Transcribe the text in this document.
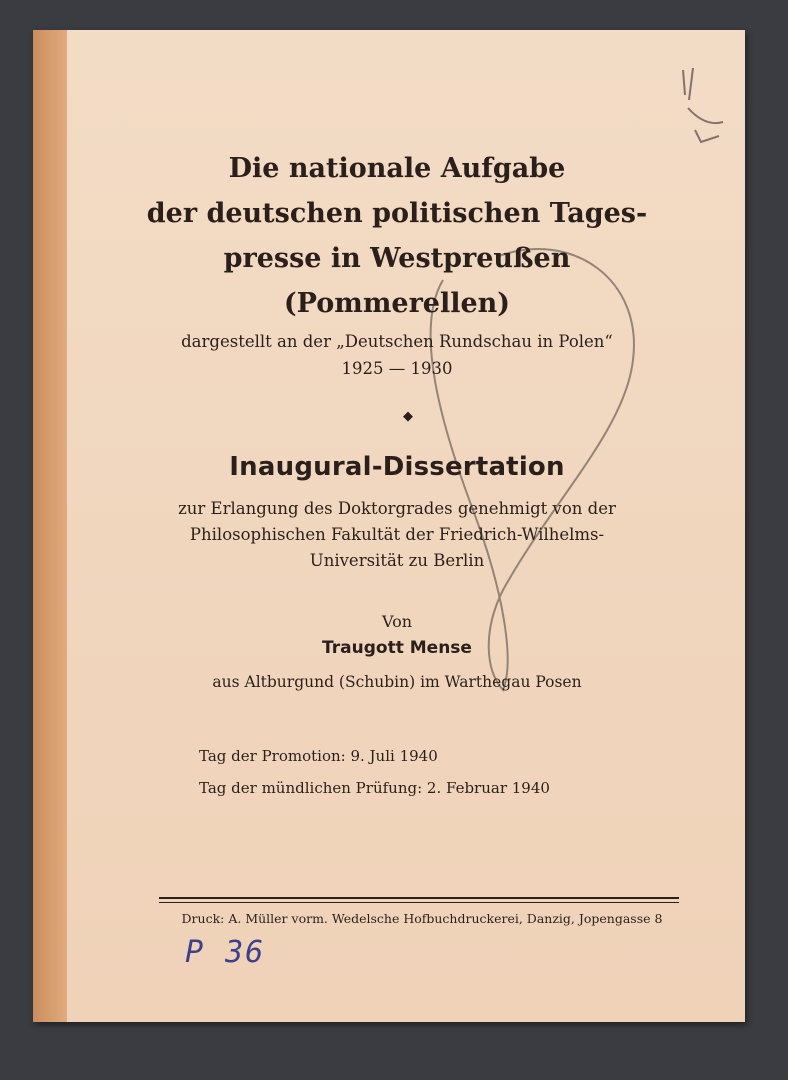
Die nationale Aufgabe
der deutschen politischen Tages-
presse in Westpreußen
(Pommerellen)
dargestellt an der „Deutschen Rundschau in Polen“
1925 — 1930
◆
Inaugural-Dissertation
zur Erlangung des Doktorgrades genehmigt von der
Philosophischen Fakultät der Friedrich-Wilhelms-
Universität zu Berlin
Von
Traugott Mense
aus Altburgund (Schubin) im Warthegau Posen
Tag der Promotion: 9. Juli 1940
Tag der mündlichen Prüfung: 2. Februar 1940
Druck: A. Müller vorm. Wedelsche Hofbuchdruckerei, Danzig, Jopengasse 8
P 36
